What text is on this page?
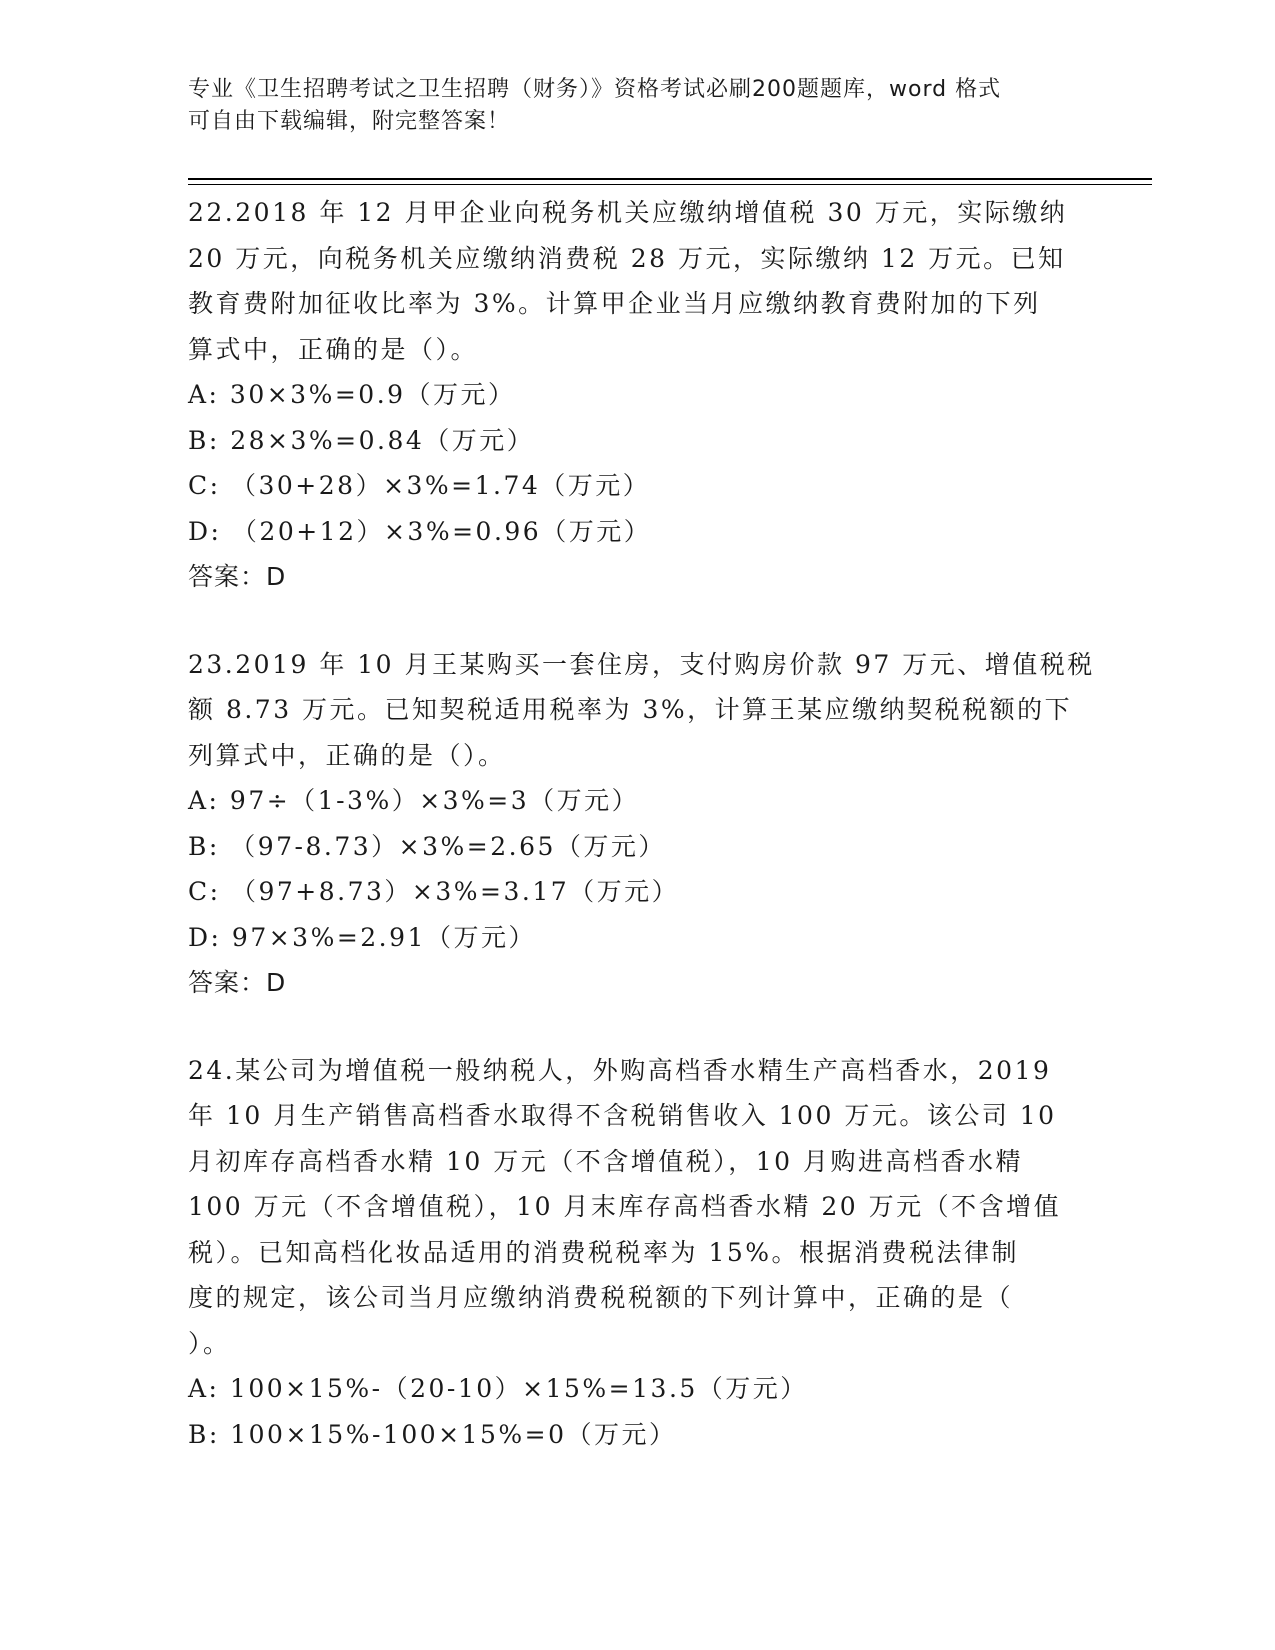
专业《卫生招聘考试之卫生招聘（财务）》资格考试必刷200题题库，word 格式
可自由下载编辑，附完整答案！
22.2018 年 12 月甲企业向税务机关应缴纳增值税 30 万元，实际缴纳
20 万元，向税务机关应缴纳消费税 28 万元，实际缴纳 12 万元。已知
教育费附加征收比率为 3%。计算甲企业当月应缴纳教育费附加的下列
算式中，正确的是（）。
A: 30×3%=0.9（万元）
B: 28×3%=0.84（万元）
C: （30+28）×3%=1.74（万元）
D: （20+12）×3%=0.96（万元）
答案：D
23.2019 年 10 月王某购买一套住房，支付购房价款 97 万元、增值税税
额 8.73 万元。已知契税适用税率为 3%，计算王某应缴纳契税税额的下
列算式中，正确的是（）。
A: 97÷（1-3%）×3%=3（万元）
B: （97-8.73）×3%=2.65（万元）
C: （97+8.73）×3%=3.17（万元）
D: 97×3%=2.91（万元）
答案：D
24.某公司为增值税一般纳税人，外购高档香水精生产高档香水，2019
年 10 月生产销售高档香水取得不含税销售收入 100 万元。该公司 10
月初库存高档香水精 10 万元（不含增值税），10 月购进高档香水精
100 万元（不含增值税），10 月末库存高档香水精 20 万元（不含增值
税）。已知高档化妆品适用的消费税税率为 15%。根据消费税法律制
度的规定，该公司当月应缴纳消费税税额的下列计算中，正确的是（
）。
A: 100×15%-（20-10）×15%=13.5（万元）
B: 100×15%-100×15%=0（万元）
